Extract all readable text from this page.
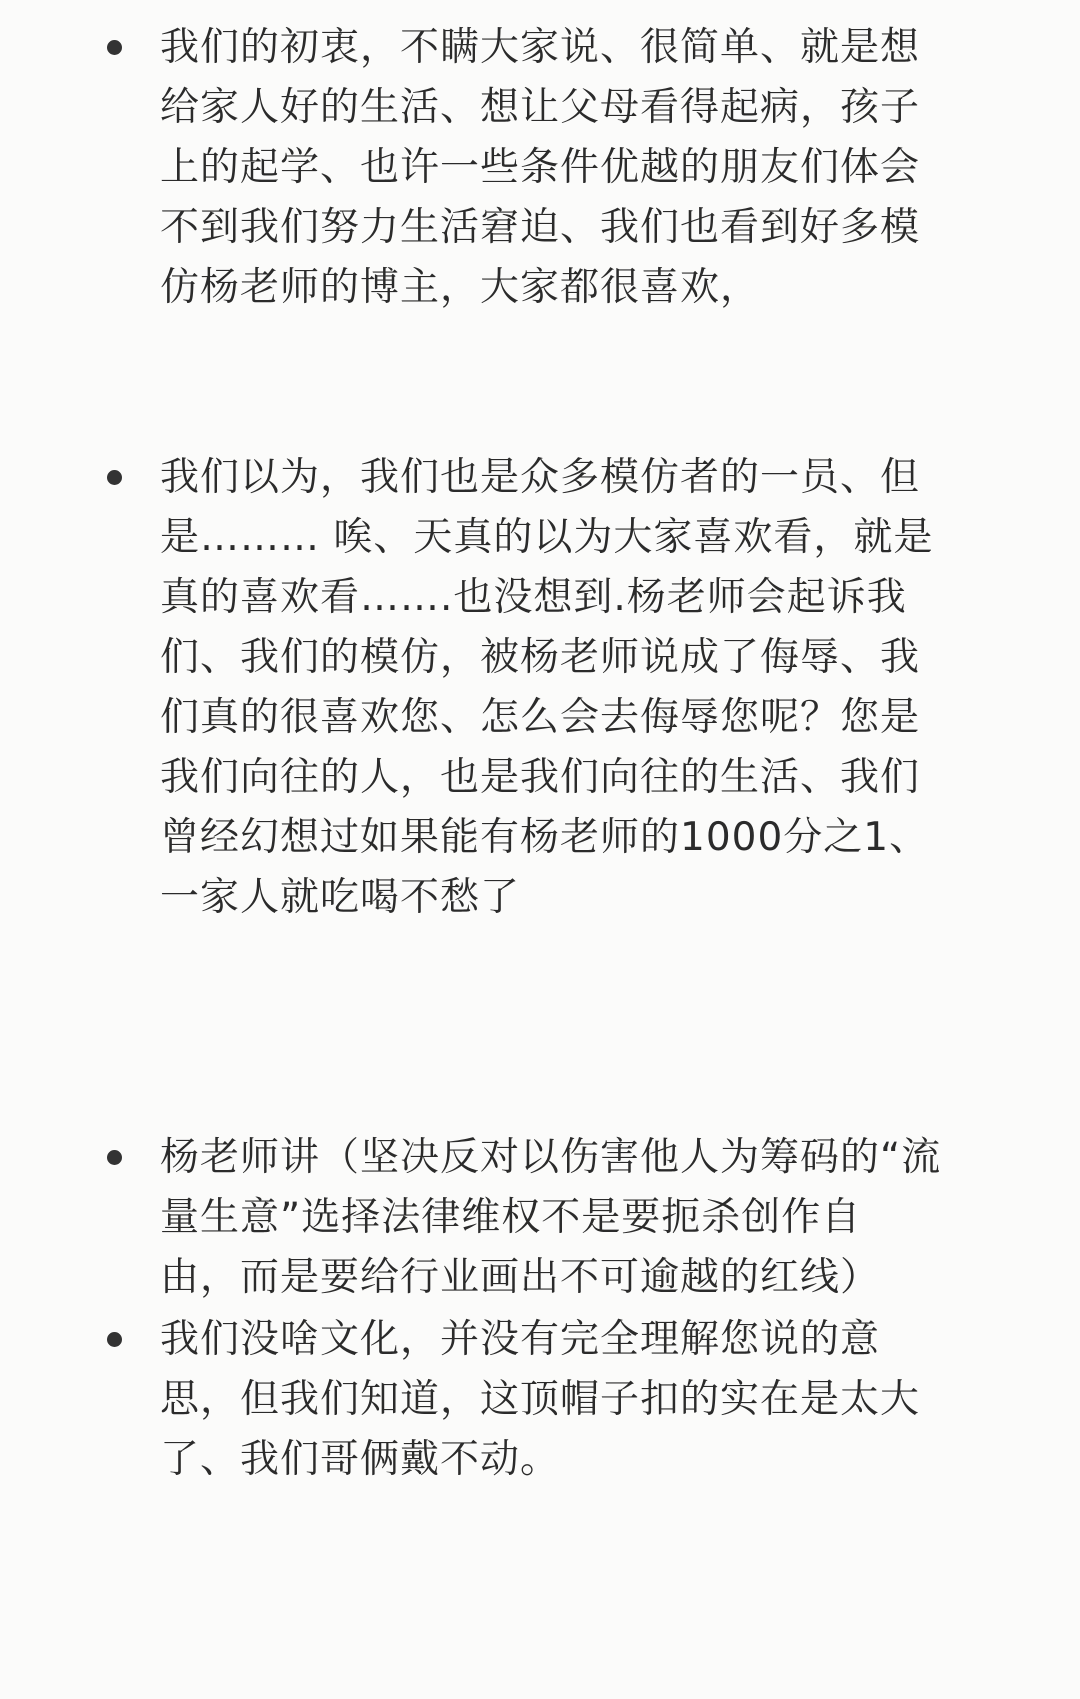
我们的初衷，不瞒大家说、很简单、就是想
给家人好的生活、想让父母看得起病，孩子
上的起学、也许一些条件优越的朋友们体会
不到我们努力生活窘迫、我们也看到好多模
仿杨老师的博主，大家都很喜欢，

我们以为，我们也是众多模仿者的一员、但
是……… 唉、天真的以为大家喜欢看，就是
真的喜欢看…….也没想到.杨老师会起诉我
们、我们的模仿，被杨老师说成了侮辱、我
们真的很喜欢您、怎么会去侮辱您呢？您是
我们向往的人，也是我们向往的生活、我们
曾经幻想过如果能有杨老师的1000分之1、
一家人就吃喝不愁了

杨老师讲（坚决反对以伤害他人为筹码的“流
量生意”选择法律维权不是要扼杀创作自
由，而是要给行业画出不可逾越的红线）

我们没啥文化，并没有完全理解您说的意
思，但我们知道，这顶帽子扣的实在是太大
了、我们哥俩戴不动。
